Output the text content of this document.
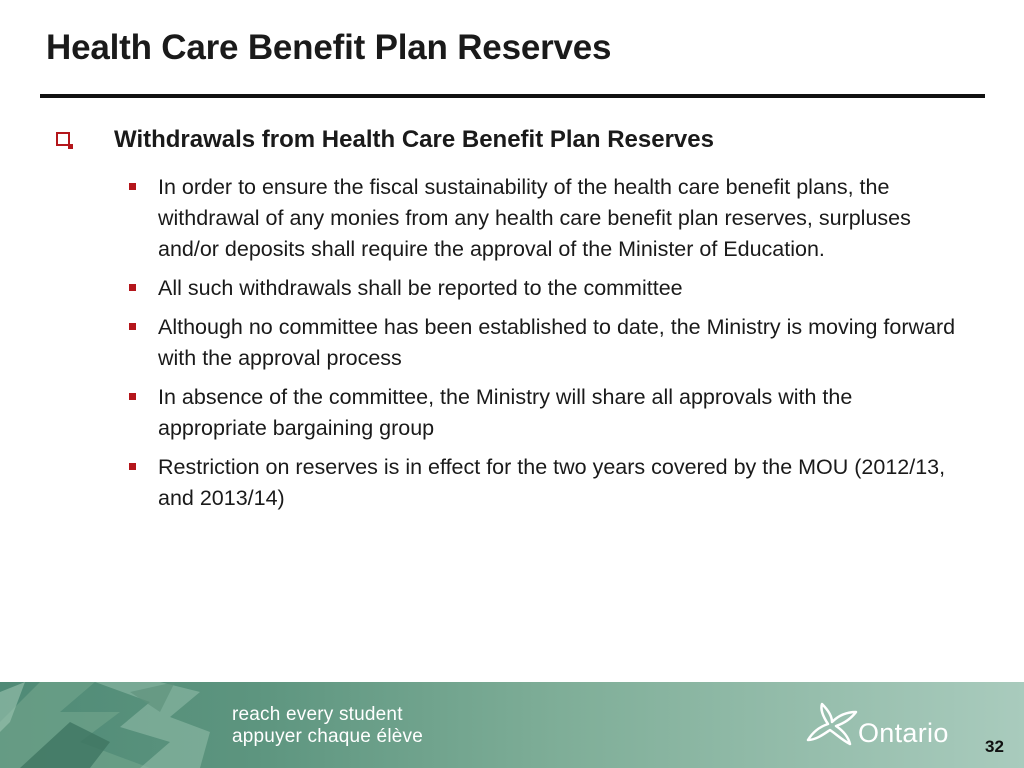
Health Care Benefit Plan Reserves
Withdrawals from Health Care Benefit Plan Reserves
In order to ensure the fiscal sustainability of the health care benefit plans, the withdrawal of any monies from any health care benefit plan reserves, surpluses and/or deposits shall require the approval of the Minister of Education.
All such withdrawals shall be reported to the committee
Although no committee has been established to date, the Ministry is moving forward with the approval process
In absence of the committee, the Ministry will share all approvals with the appropriate bargaining group
Restriction on reserves is in effect for the two years covered by the MOU (2012/13, and 2013/14)
reach every student
appuyer chaque élève	Ontario 32
